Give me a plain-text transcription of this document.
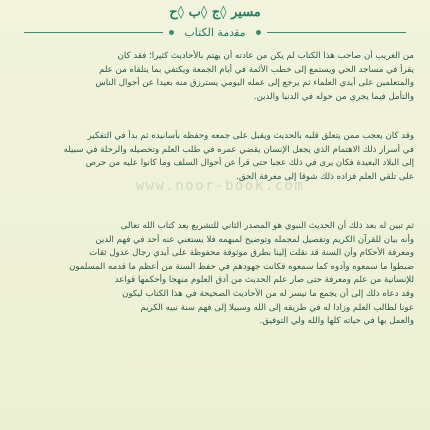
مسير ◊ج ◊ب ◊ح
ﻣﻘدمة الكتاب
من الغريب أن صاحب هذا الكتاب لم يكن من عادته أن يهتم بالأحاديث كثيرا؛ فقد كان
يقرأ في مساجد الحي ويستمع إلى خطب الأئمة في أيام الجمعة ويكتفي بما يتلقاه من علم
والمتعلمين على أيدي العلماء ثم يرجع إلى عمله اليومي يسترزق منه بعيدا عن أحوال الناس
والتأمل فيما يجري من حوله في الدنيا والدين.
وقد كان يعجب ممن يتعلق قلبه بالحديث ويقبل على جمعه وحفظه بأسانيده ثم بدأ في التفكير
في أسرار ذلك الاهتمام الذي يجعل الإنسان يقضي عمره في طلب العلم وتحصيله والرحلة في سبيله
إلى البلاد البعيدة فكان يرى في ذلك عجبا حتى قرأ عن أحوال السلف وما كانوا عليه من حرص
على تلقي العلم فزاده ذلك شوقا إلى معرفة الحق.
www.noor-book.com
ثم تبين له بعد ذلك أن الحديث النبوي هو المصدر الثاني للتشريع بعد كتاب الله تعالى
وأنه بيان للقرآن الكريم وتفصيل لمجمله وتوضيح لمبهمه فلا يستغني عنه أحد في فهم الدين
ومعرفة الأحكام وأن السنة قد نقلت إلينا بطرق موثوقة محفوظة على أيدي رجال عدول ثقات
ضبطوا ما سمعوه وأدوه كما سمعوه فكانت جهودهم في حفظ السنة من أعظم ما قدمه المسلمون
للإنسانية من علم ومعرفة حتى صار علم الحديث من أدق العلوم منهجا وأحكمها قواعد
وقد دعاه ذلك إلى أن يجمع ما تيسر له من الأحاديث الصحيحة في هذا الكتاب ليكون
عونا لطالب العلم وزادا له في طريقه إلى الله وسبيلا إلى فهم سنة نبيه الكريم
والعمل بها في حياته كلها والله ولي التوفيق.
